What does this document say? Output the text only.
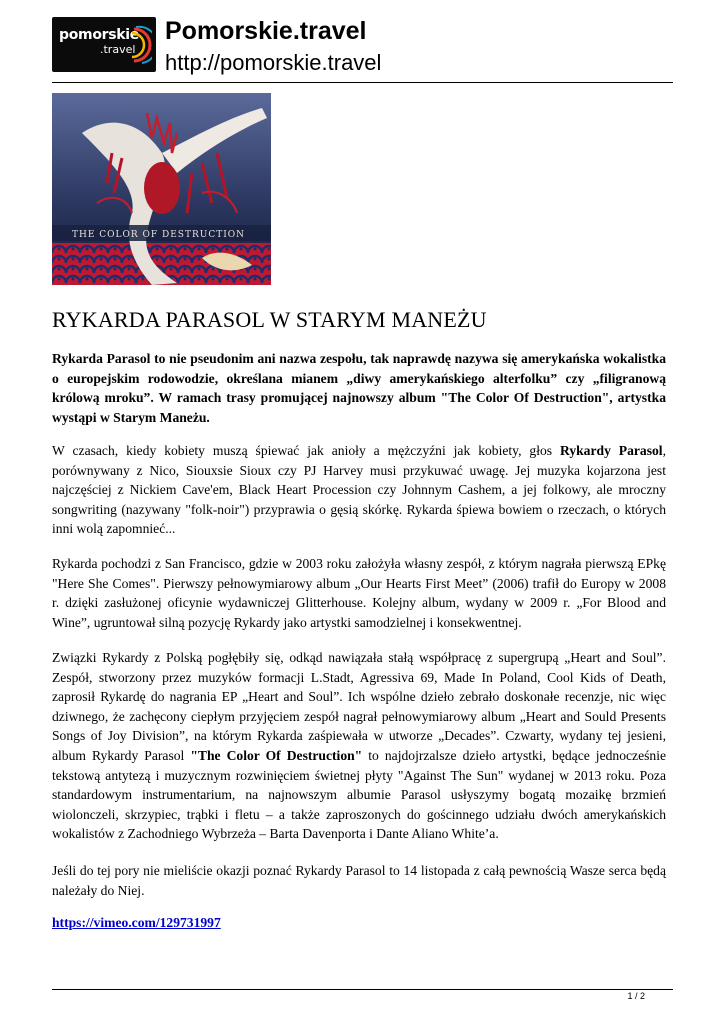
pomorskie
.travel
Pomorskie.travel
http://pomorskie.travel
THE COLOR OF DESTRUCTION
RYKARDA PARASOL W STARYM MANEŻU

Rykarda Parasol to nie pseudonim ani nazwa zespołu, tak naprawdę nazywa się amerykańska wokalistka o europejskim rodowodzie, określana mianem „diwy amerykańskiego alterfolku” czy „filigranową królową mroku”. W ramach trasy promującej najnowszy album "The Color Of Destruction", artystka wystąpi w Starym Maneżu.

W czasach, kiedy kobiety muszą śpiewać jak anioły a mężczyźni jak kobiety, głos Rykardy Parasol, porównywany z Nico, Siouxsie Sioux czy PJ Harvey musi przykuwać uwagę. Jej muzyka kojarzona jest najczęściej z Nickiem Cave'em, Black Heart Procession czy Johnnym Cashem, a jej folkowy, ale mroczny songwriting (nazywany "folk-noir") przyprawia o gęsią skórkę. Rykarda śpiewa bowiem o rzeczach, o których inni wolą zapomnieć...

Rykarda pochodzi z San Francisco, gdzie w 2003 roku założyła własny zespół, z którym nagrała pierwszą EPkę "Here She Comes". Pierwszy pełnowymiarowy album „Our Hearts First Meet” (2006) trafił do Europy w 2008 r. dzięki zasłużonej oficynie wydawniczej Glitterhouse. Kolejny album, wydany w 2009 r. „For Blood and Wine”, ugruntował silną pozycję Rykardy jako artystki samodzielnej i konsekwentnej.

Związki Rykardy z Polską pogłębiły się, odkąd nawiązała stałą współpracę z supergrupą „Heart and Soul”. Zespół, stworzony przez muzyków formacji L.Stadt, Agressiva 69, Made In Poland, Cool Kids of Death, zaprosił Rykardę do nagrania EP „Heart and Soul”. Ich wspólne dzieło zebrało doskonałe recenzje, nic więc dziwnego, że zachęcony ciepłym przyjęciem zespół nagrał pełnowymiarowy album „Heart and Sould Presents Songs of Joy Division”, na którym Rykarda zaśpiewała w utworze „Decades”. Czwarty, wydany tej jesieni, album Rykardy Parasol "The Color Of Destruction" to najdojrzalsze dzieło artystki, będące jednocześnie tekstową antytezą i muzycznym rozwinięciem świetnej płyty "Against The Sun" wydanej w 2013 roku. Poza standardowym instrumentarium, na najnowszym albumie Parasol usłyszymy bogatą mozaikę brzmień wiolonczeli, skrzypiec, trąbki i fletu – a także zaproszonych do gościnnego udziału dwóch amerykańskich wokalistów z Zachodniego Wybrzeża – Barta Davenporta i Dante Aliano White’a.

Jeśli do tej pory nie mieliście okazji poznać Rykardy Parasol to 14 listopada z całą pewnością Wasze serca będą należały do Niej.

https://vimeo.com/129731997
1 / 2
